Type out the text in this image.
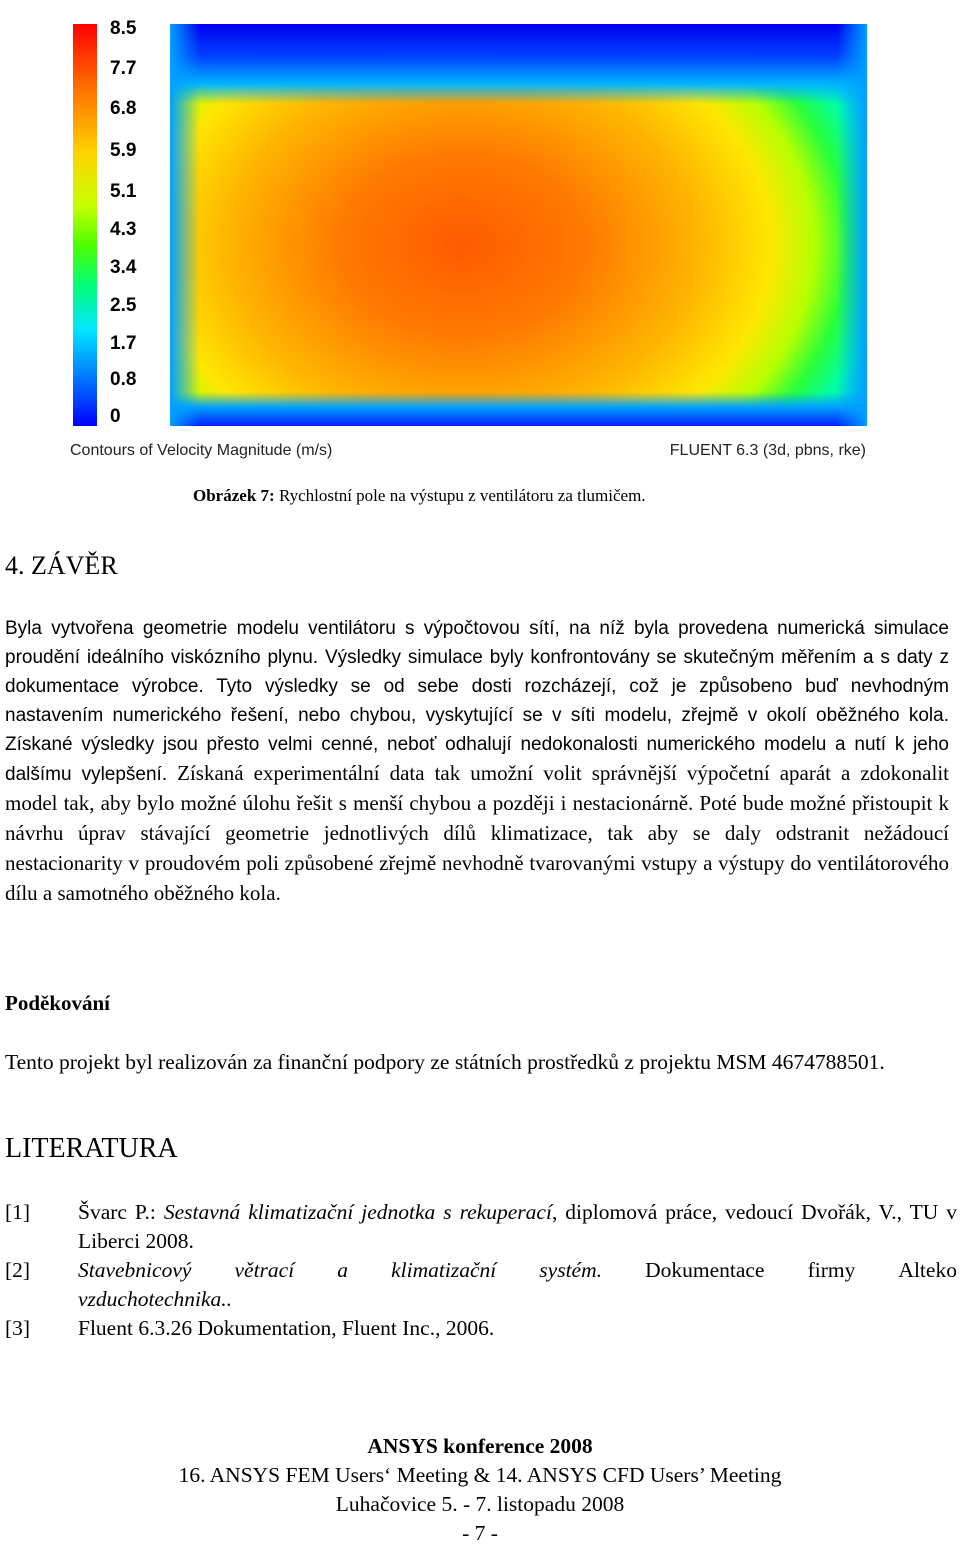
8.5
7.7
6.8
5.9
5.1
4.3
3.4
2.5
1.7
0.8
0
Contours of Velocity Magnitude (m/s)	FLUENT 6.3 (3d, pbns, rke)
Obrázek 7: Rychlostní pole na výstupu z ventilátoru za tlumičem.
4. ZÁVĚR

Byla vytvořena geometrie modelu ventilátoru s výpočtovou sítí, na níž byla provedena numerická simulace proudění ideálního viskózního plynu. Výsledky simulace byly konfrontovány se skutečným měřením a s daty z dokumentace výrobce. Tyto výsledky se od sebe dosti rozcházejí, což je způsobeno buď nevhodným nastavením numerického řešení, nebo chybou, vyskytující se v síti modelu, zřejmě v okolí oběžného kola. Získané výsledky jsou přesto velmi cenné, neboť odhalují nedokonalosti numerického modelu a nutí k jeho dalšímu vylepšení. Získaná experimentální data tak umožní volit správnější výpočetní aparát a zdokonalit model tak, aby bylo možné úlohu řešit s menší chybou a později i nestacionárně. Poté bude možné přistoupit k návrhu úprav stávající geometrie jednotlivých dílů klimatizace, tak aby se daly odstranit nežádoucí nestacionarity v proudovém poli způsobené zřejmě nevhodně tvarovanými vstupy a výstupy do ventilátorového dílu a samotného oběžného kola.

Poděkování

Tento projekt byl realizován za finanční podpory ze státních prostředků z projektu MSM 4674788501.

LITERATURA
[1] Švarc P.: Sestavná klimatizační jednotka s rekuperací, diplomová práce, vedoucí Dvořák, V., TU v Liberci 2008.
[2] Stavebnicový větrací a klimatizační systém. Dokumentace firmy Alteko
vzduchotechnika..
[3] Fluent 6.3.26 Dokumentation, Fluent Inc., 2006.
ANSYS konference 2008
16. ANSYS FEM Users‘ Meeting & 14. ANSYS CFD Users’ Meeting
Luhačovice 5. - 7. listopadu 2008
- 7 -
